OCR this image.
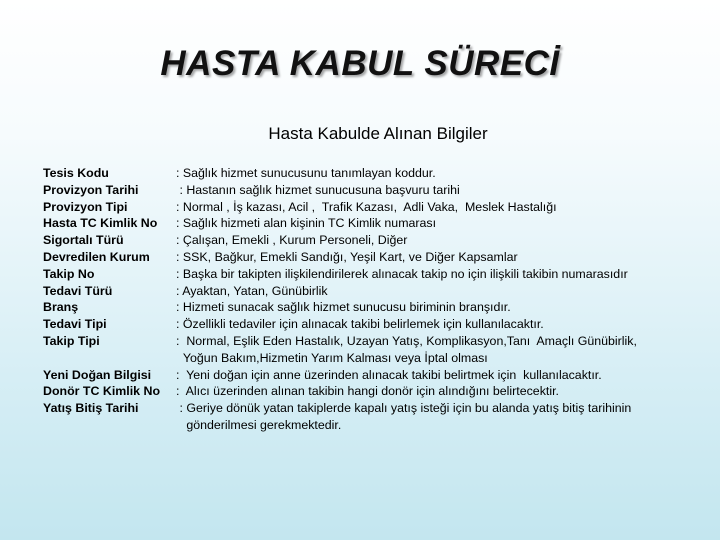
HASTA KABUL SÜRECİ
Hasta Kabulde Alınan Bilgiler
Tesis Kodu	: Sağlık hizmet sunucusunu tanımlayan koddur.
Provizyon Tarihi	: Hastanın sağlık hizmet sunucusuna başvuru tarihi
Provizyon Tipi	: Normal , İş kazası, Acil ,  Trafik Kazası,  Adli Vaka,  Meslek Hastalığı
Hasta TC Kimlik No	: Sağlık hizmeti alan kişinin TC Kimlik numarası
Sigortalı Türü	: Çalışan, Emekli , Kurum Personeli, Diğer
Devredilen Kurum	: SSK, Bağkur, Emekli Sandığı, Yeşil Kart, ve Diğer Kapsamlar
Takip No	: Başka bir takipten ilişkilendirilerek alınacak takip no için ilişkili takibin numarasıdır
Tedavi Türü	: Ayaktan, Yatan, Günübirlik
Branş	: Hizmeti sunacak sağlık hizmet sunucusu biriminin branşıdır.
Tedavi Tipi	: Özellikli tedaviler için alınacak takibi belirlemek için kullanılacaktır.
Takip Tipi	:  Normal, Eşlik Eden Hastalık, Uzayan Yatış, Komplikasyon,Tanı  Amaçlı Günübirlik,
Yoğun Bakım,Hizmetin Yarım Kalması veya İptal olması
Yeni Doğan Bilgisi	:  Yeni doğan için anne üzerinden alınacak takibi belirtmek için  kullanılacaktır.
Donör TC Kimlik No	:  Alıcı üzerinden alınan takibin hangi donör için alındığını belirtecektir.
Yatış Bitiş Tarihi	: Geriye dönük yatan takiplerde kapalı yatış isteği için bu alanda yatış bitiş tarihinin
gönderilmesi gerekmektedir.
